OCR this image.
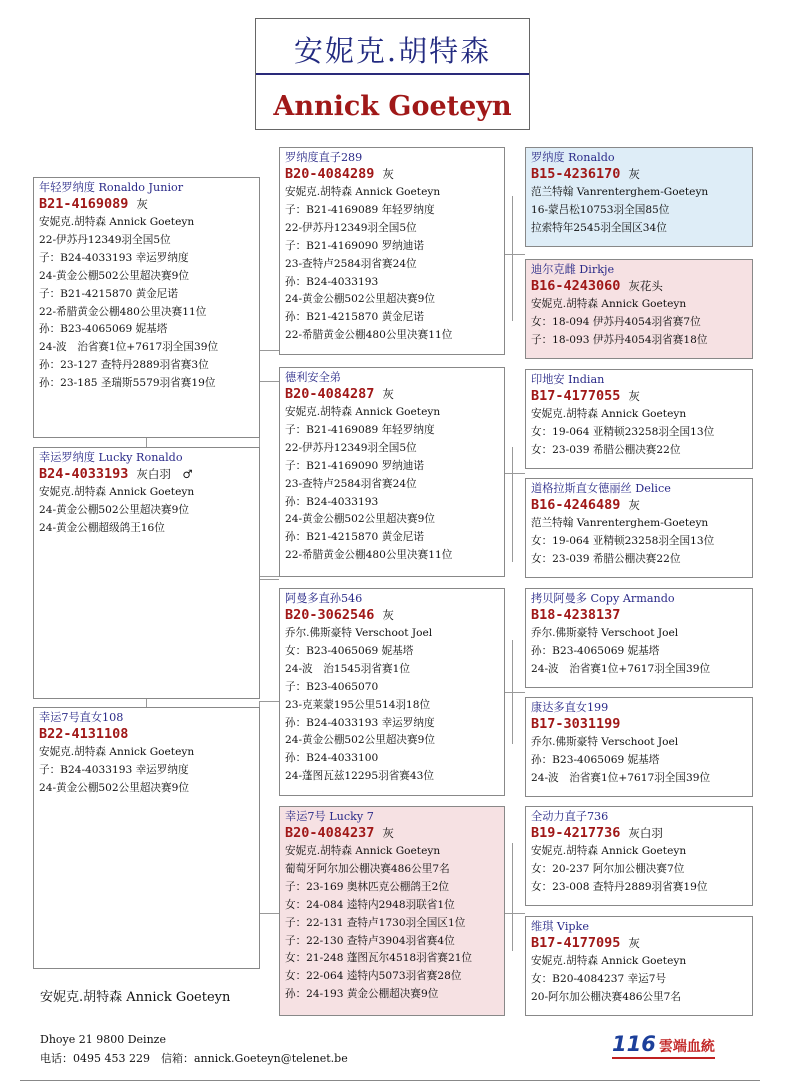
安妮克.胡特森
Annick Goeteyn
年轻罗纳度 Ronaldo Junior
B21-4169089 灰
安妮克.胡特森 Annick Goeteyn
22-伊苏丹12349羽全国5位
子：B24-4033193 幸运罗纳度
24-黄金公棚502公里超决赛9位
子：B21-4215870 黄金尼诺
22-希腊黄金公棚480公里决赛11位
孙：B23-4065069 妮基塔
24-波　治省赛1位+7617羽全国39位
孙：23-127 查特丹2889羽省赛3位
孙：23-185 圣瑞斯5579羽省赛19位
幸运罗纳度 Lucky Ronaldo
B24-4033193 灰白羽　♂
安妮克.胡特森 Annick Goeteyn
24-黄金公棚502公里超决赛9位
24-黄金公棚超级鸽王16位
幸运7号直女108
B22-4131108
安妮克.胡特森 Annick Goeteyn
子：B24-4033193 幸运罗纳度
24-黄金公棚502公里超决赛9位
罗纳度直子289
B20-4084289 灰
安妮克.胡特森 Annick Goeteyn
子：B21-4169089 年轻罗纳度
22-伊苏丹12349羽全国5位
子：B21-4169090 罗纳迪诺
23-查特卢2584羽省赛24位
孙：B24-4033193
24-黄金公棚502公里超决赛9位
孙：B21-4215870 黄金尼诺
22-希腊黄金公棚480公里决赛11位
德利安全弟
B20-4084287 灰
安妮克.胡特森 Annick Goeteyn
子：B21-4169089 年轻罗纳度
22-伊苏丹12349羽全国5位
子：B21-4169090 罗纳迪诺
23-查特卢2584羽省赛24位
孙：B24-4033193
24-黄金公棚502公里超决赛9位
孙：B21-4215870 黄金尼诺
22-希腊黄金公棚480公里决赛11位
阿曼多直孙546
B20-3062546 灰
乔尔.佛斯豪特 Verschoot Joel
女：B23-4065069 妮基塔
24-波　治1545羽省赛1位
子：B23-4065070
23-克莱蒙195公里514羽18位
孙：B24-4033193 幸运罗纳度
24-黄金公棚502公里超决赛9位
孙：B24-4033100
24-蓬图瓦兹12295羽省赛43位
幸运7号 Lucky 7
B20-4084237 灰
安妮克.胡特森 Annick Goeteyn
葡萄牙阿尔加公棚决赛486公里7名
子：23-169 奥林匹克公棚鸽王2位
女：24-084 逵特内2948羽联省1位
子：22-131 查特卢1730羽全国区1位
子：22-130 查特卢3904羽省赛4位
女：21-248 蓬图瓦尔4518羽省赛21位
女：22-064 逵特内5073羽省赛28位
孙：24-193 黄金公棚超决赛9位
罗纳度 Ronaldo
B15-4236170 灰
范兰特翰 Vanrenterghem-Goeteyn
16-蒙吕松10753羽全国85位
拉索特年2545羽全国区34位
迪尔克雌 Dirkje
B16-4243060 灰花头
安妮克.胡特森 Annick Goeteyn
女：18-094 伊苏丹4054羽省赛7位
子：18-093 伊苏丹4054羽省赛18位
印地安 Indian
B17-4177055 灰
安妮克.胡特森 Annick Goeteyn
女：19-064 亚精顿23258羽全国13位
女：23-039 希腊公棚决赛22位
道格拉斯直女德丽丝 Delice
B16-4246489 灰
范兰特翰 Vanrenterghem-Goeteyn
女：19-064 亚精顿23258羽全国13位
女：23-039 希腊公棚决赛22位
拷贝阿曼多 Copy Armando
B18-4238137
乔尔.佛斯豪特 Verschoot Joel
孙：B23-4065069 妮基塔
24-波　治省赛1位+7617羽全国39位
康达多直女199
B17-3031199
乔尔.佛斯豪特 Verschoot Joel
孙：B23-4065069 妮基塔
24-波　治省赛1位+7617羽全国39位
全动力直子736
B19-4217736 灰白羽
安妮克.胡特森 Annick Goeteyn
女：20-237 阿尔加公棚决赛7位
女：23-008 查特丹2889羽省赛19位
维琪 Vipke
B17-4177095 灰
安妮克.胡特森 Annick Goeteyn
女：B20-4084237 幸运7号
20-阿尔加公棚决赛486公里7名
安妮克.胡特森 Annick Goeteyn
Dhoye 21 9800 Deinze
电话：0495 453 229　信箱：annick.Goeteyn@telenet.be
116 雲端血統
